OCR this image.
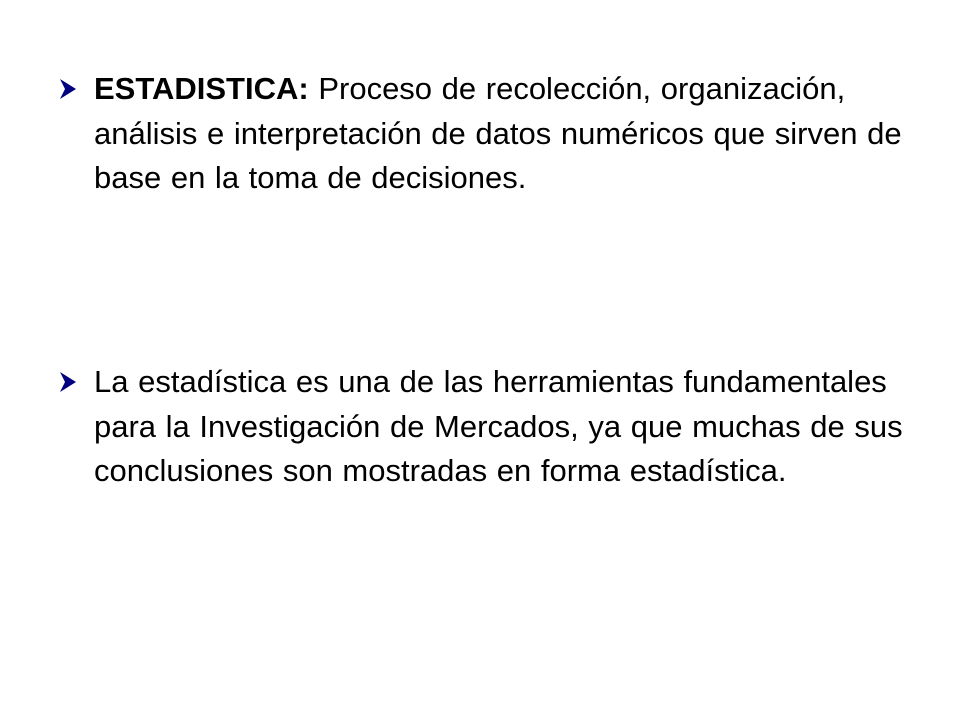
ESTADISTICA: Proceso de recolección, organización, análisis e interpretación de datos numéricos que sirven de base en la toma de decisiones.
La estadística es una de las herramientas fundamentales para la Investigación de Mercados, ya que muchas de sus conclusiones son mostradas en forma estadística.
